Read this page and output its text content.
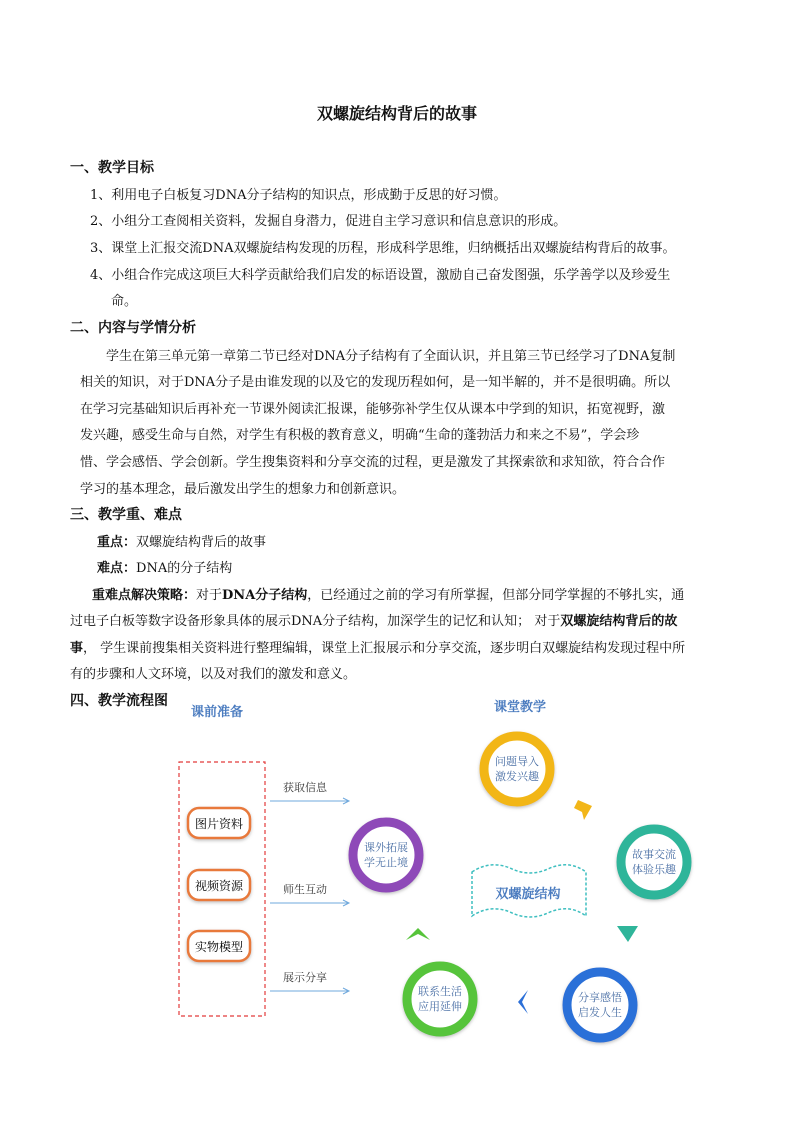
双螺旋结构背后的故事
一、教学目标
1、利用电子白板复习DNA分子结构的知识点，形成勤于反思的好习惯。
2、小组分工查阅相关资料，发掘自身潜力，促进自主学习意识和信息意识的形成。
3、课堂上汇报交流DNA双螺旋结构发现的历程，形成科学思维，归纳概括出双螺旋结构背后的故事。
4、小组合作完成这项巨大科学贡献给我们启发的标语设置，激励自己奋发图强，乐学善学以及珍爱生
命。
二、内容与学情分析
学生在第三单元第一章第二节已经对DNA分子结构有了全面认识，并且第三节已经学习了DNA复制
相关的知识，对于DNA分子是由谁发现的以及它的发现历程如何，是一知半解的，并不是很明确。所以
在学习完基础知识后再补充一节课外阅读汇报课，能够弥补学生仅从课本中学到的知识，拓宽视野，激
发兴趣，感受生命与自然，对学生有积极的教育意义，明确“生命的蓬勃活力和来之不易”，学会珍
惜、学会感悟、学会创新。学生搜集资料和分享交流的过程，更是激发了其探索欲和求知欲，符合合作
学习的基本理念，最后激发出学生的想象力和创新意识。
三、教学重、难点
重点：双螺旋结构背后的故事
难点：DNA的分子结构
重难点解决策略：对于DNA分子结构，已经通过之前的学习有所掌握，但部分同学掌握的不够扎实，通
过电子白板等数字设备形象具体的展示DNA分子结构，加深学生的记忆和认知； 对于双螺旋结构背后的故
事， 学生课前搜集相关资料进行整理编辑，课堂上汇报展示和分享交流，逐步明白双螺旋结构发现过程中所
有的步骤和人文环境，以及对我们的激发和意义。
四、教学流程图
课前准备
图片资料
视频资源
实物模型
获取信息
师生互动
展示分享
课堂教学
双螺旋结构
问题导入
激发兴趣
故事交流
体验乐趣
分享感悟
启发人生
联系生活
应用延伸
课外拓展
学无止境
